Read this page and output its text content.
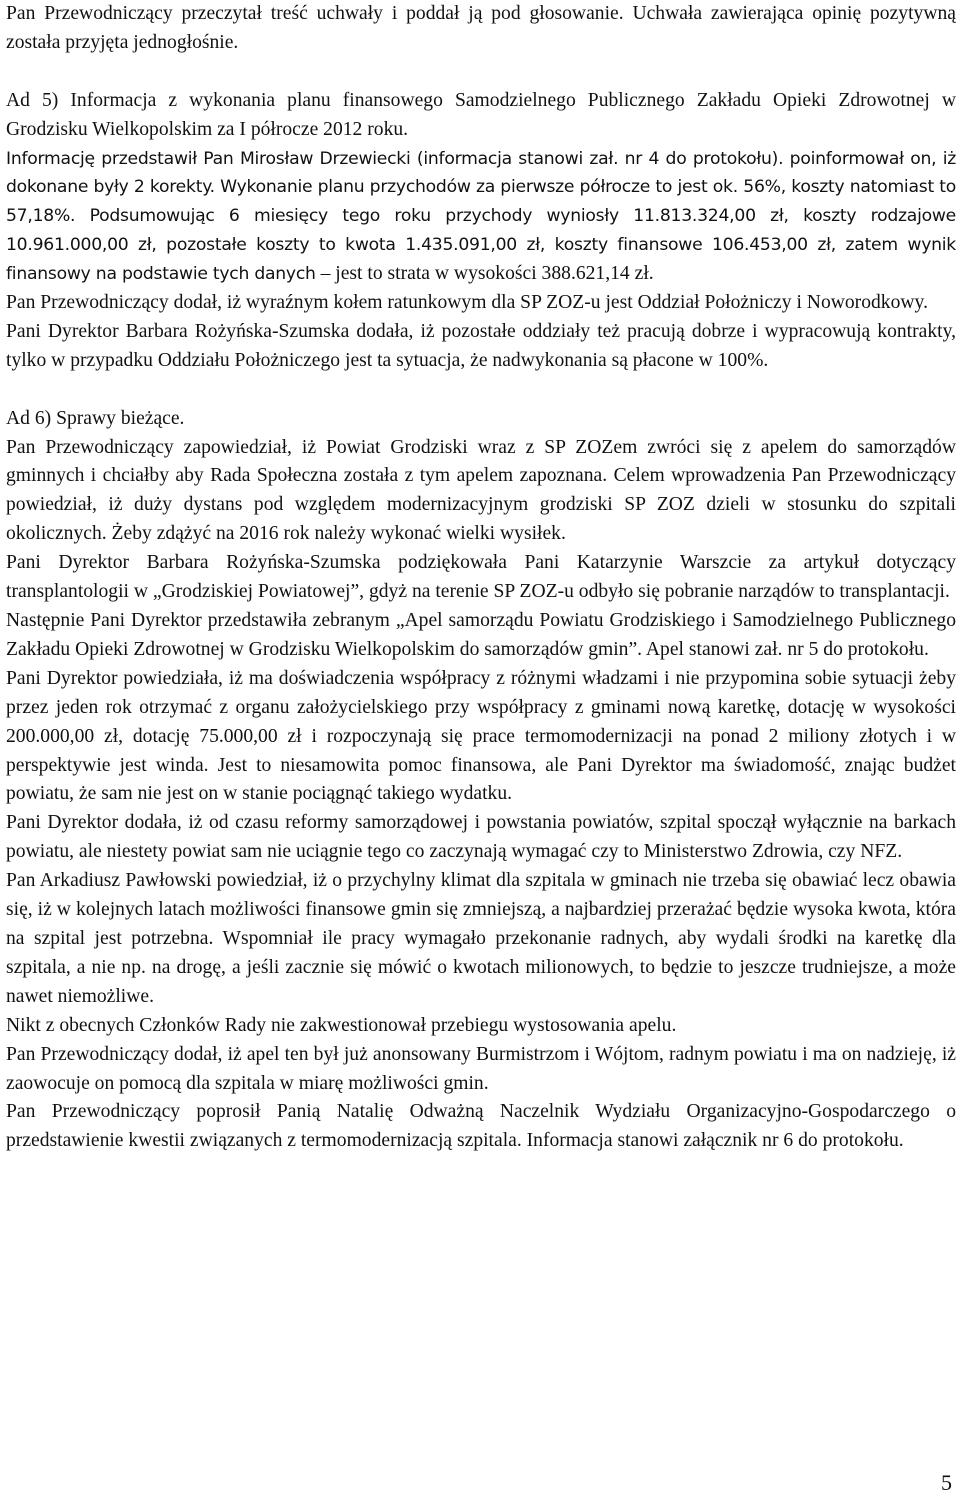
Pan Przewodniczący przeczytał treść uchwały i poddał ją pod głosowanie. Uchwała zawierająca opinię pozytywną została przyjęta jednogłośnie.

Ad 5) Informacja z wykonania planu finansowego Samodzielnego Publicznego Zakładu Opieki Zdrowotnej w Grodzisku Wielkopolskim za I półrocze 2012 roku.

Informację przedstawił Pan Mirosław Drzewiecki (informacja stanowi zał. nr 4 do protokołu). poinformował on, iż dokonane były 2 korekty. Wykonanie planu przychodów za pierwsze półrocze to jest ok. 56%, koszty natomiast to 57,18%. Podsumowując 6 miesięcy tego roku przychody wyniosły 11.813.324,00 zł, koszty rodzajowe 10.961.000,00 zł, pozostałe koszty to kwota 1.435.091,00 zł, koszty finansowe 106.453,00 zł, zatem wynik finansowy na podstawie tych danych – jest to strata w wysokości 388.621,14 zł.

Pan Przewodniczący dodał, iż wyraźnym kołem ratunkowym dla SP ZOZ-u jest Oddział Położniczy i Noworodkowy.

Pani Dyrektor Barbara Rożyńska-Szumska dodała, iż pozostałe oddziały też pracują dobrze i wypracowują kontrakty, tylko w przypadku Oddziału Położniczego jest ta sytuacja, że nadwykonania są płacone w 100%.

Ad 6) Sprawy bieżące.

Pan Przewodniczący zapowiedział, iż Powiat Grodziski wraz z SP ZOZem zwróci się z apelem do samorządów gminnych i chciałby aby Rada Społeczna została z tym apelem zapoznana. Celem wprowadzenia Pan Przewodniczący powiedział, iż duży dystans pod względem modernizacyjnym grodziski SP ZOZ dzieli w stosunku do szpitali okolicznych. Żeby zdążyć na 2016 rok należy wykonać wielki wysiłek.

Pani Dyrektor Barbara Rożyńska-Szumska podziękowała Pani Katarzynie Warszcie za artykuł dotyczący transplantologii w „Grodziskiej Powiatowej”, gdyż na terenie SP ZOZ-u odbyło się pobranie narządów to transplantacji.

Następnie Pani Dyrektor przedstawiła zebranym „Apel samorządu Powiatu Grodziskiego i Samodzielnego Publicznego Zakładu Opieki Zdrowotnej w Grodzisku Wielkopolskim do samorządów gmin”. Apel stanowi zał. nr 5 do protokołu.

Pani Dyrektor powiedziała, iż ma doświadczenia współpracy z różnymi władzami i nie przypomina sobie sytuacji żeby przez jeden rok otrzymać z organu założycielskiego przy współpracy z gminami nową karetkę, dotację w wysokości 200.000,00 zł, dotację 75.000,00 zł i rozpoczynają się prace termomodernizacji na ponad 2 miliony złotych i w perspektywie jest winda. Jest to niesamowita pomoc finansowa, ale Pani Dyrektor ma świadomość, znając budżet powiatu, że sam nie jest on w stanie pociągnąć takiego wydatku.

Pani Dyrektor dodała, iż od czasu reformy samorządowej i powstania powiatów, szpital spoczął wyłącznie na barkach powiatu, ale niestety powiat sam nie uciągnie tego co zaczynają wymagać czy to Ministerstwo Zdrowia, czy NFZ.

Pan Arkadiusz Pawłowski powiedział, iż o przychylny klimat dla szpitala w gminach nie trzeba się obawiać lecz obawia się, iż w kolejnych latach możliwości finansowe gmin się zmniejszą, a najbardziej przerażać będzie wysoka kwota, która na szpital jest potrzebna. Wspomniał ile pracy wymagało przekonanie radnych, aby wydali środki na karetkę dla szpitala, a nie np. na drogę, a jeśli zacznie się mówić o kwotach milionowych, to będzie to jeszcze trudniejsze, a może nawet niemożliwe.

Nikt z obecnych Członków Rady nie zakwestionował przebiegu wystosowania apelu.

Pan Przewodniczący dodał, iż apel ten był już anonsowany Burmistrzom i Wójtom, radnym powiatu i ma on nadzieję, iż zaowocuje on pomocą dla szpitala w miarę możliwości gmin.

Pan Przewodniczący poprosił Panią Natalię Odważną Naczelnik Wydziału Organizacyjno-Gospodarczego o przedstawienie kwestii związanych z termomodernizacją szpitala. Informacja stanowi załącznik nr 6 do protokołu.

5
